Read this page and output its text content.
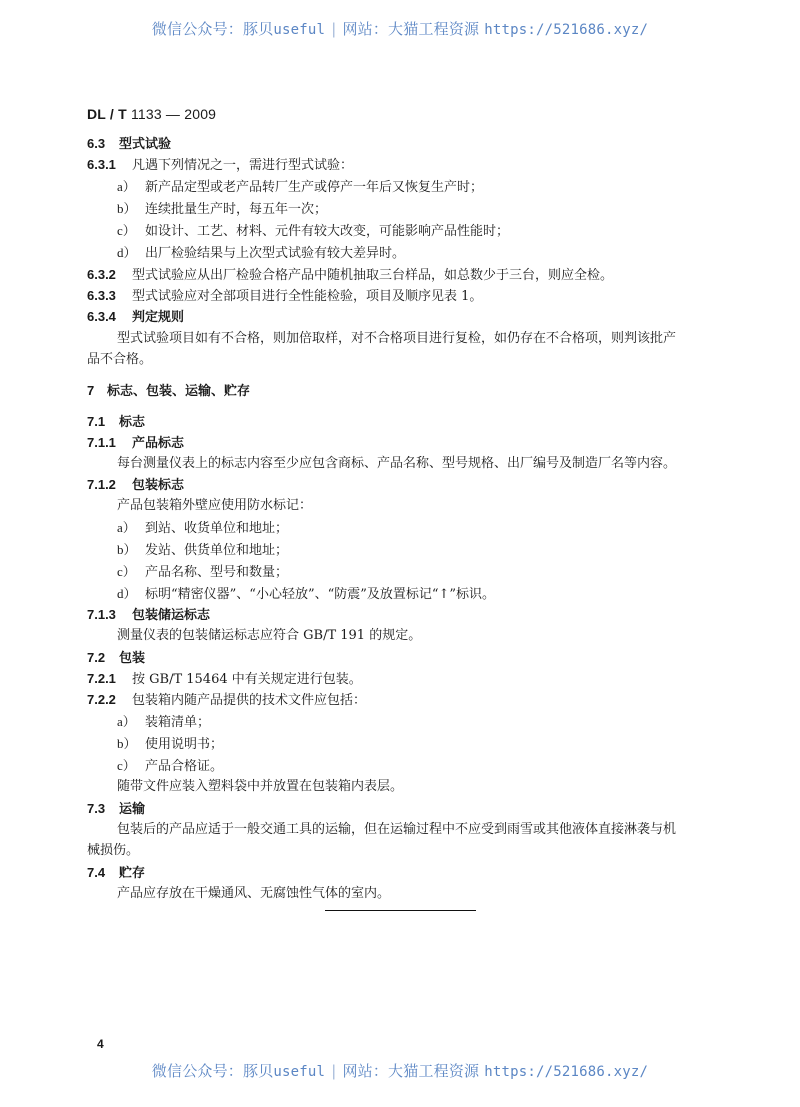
微信公众号：豚贝useful | 网站：大猫工程资源 https://521686.xyz/
DL / T 1133 — 2009
6.3 型式试验
6.3.1 凡遇下列情况之一，需进行型式试验：
a） 新产品定型或老产品转厂生产或停产一年后又恢复生产时；
b） 连续批量生产时，每五年一次；
c） 如设计、工艺、材料、元件有较大改变，可能影响产品性能时；
d） 出厂检验结果与上次型式试验有较大差异时。
6.3.2 型式试验应从出厂检验合格产品中随机抽取三台样品，如总数少于三台，则应全检。
6.3.3 型式试验应对全部项目进行全性能检验，项目及顺序见表 1。
6.3.4 判定规则
型式试验项目如有不合格，则加倍取样，对不合格项目进行复检，如仍存在不合格项，则判该批产
品不合格。
7 标志、包装、运输、贮存
7.1 标志
7.1.1 产品标志
每台测量仪表上的标志内容至少应包含商标、产品名称、型号规格、出厂编号及制造厂名等内容。
7.1.2 包装标志
产品包装箱外壁应使用防水标记：
a） 到站、收货单位和地址；
b） 发站、供货单位和地址；
c） 产品名称、型号和数量；
d） 标明“精密仪器”、“小心轻放”、“防震”及放置标记“↑”标识。
7.1.3 包装储运标志
测量仪表的包装储运标志应符合 GB/T 191 的规定。
7.2 包装
7.2.1 按 GB/T 15464 中有关规定进行包装。
7.2.2 包装箱内随产品提供的技术文件应包括：
a） 装箱清单；
b） 使用说明书；
c） 产品合格证。
随带文件应装入塑料袋中并放置在包装箱内表层。
7.3 运输
包装后的产品应适于一般交通工具的运输，但在运输过程中不应受到雨雪或其他液体直接淋袭与机
械损伤。
7.4 贮存
产品应存放在干燥通风、无腐蚀性气体的室内。
4
微信公众号：豚贝useful | 网站：大猫工程资源 https://521686.xyz/
